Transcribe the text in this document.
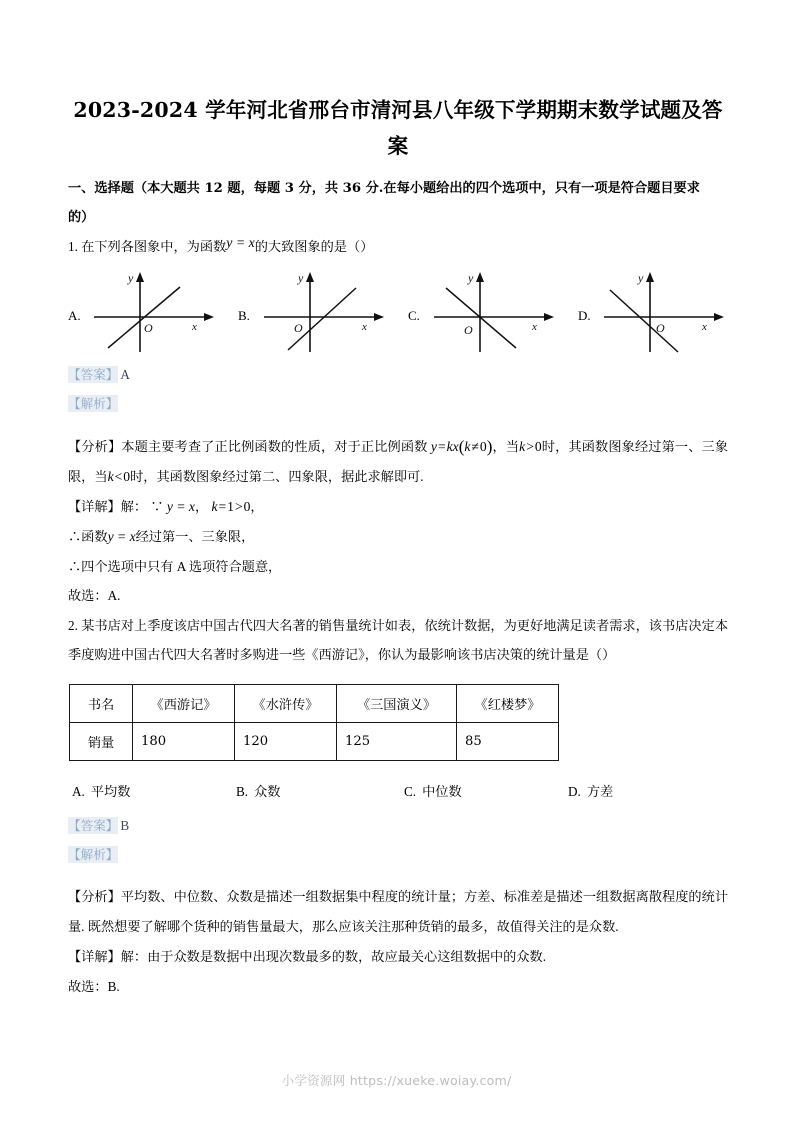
2023-2024 学年河北省邢台市清河县八年级下学期期末数学试题及答
案
一、选择题（本大题共 12 题，每题 3 分，共 36 分.在每小题给出的四个选项中，只有一项是符合题目要求
的）

1. 在下列各图象中，为函数y = x的大致图象的是（）

A.
y
x
O
B.
y
x
O
C.
y
x
O
D.
y
x
O

【答案】 A

【解析】

【分析】本题主要考查了正比例函数的性质，对于正比例函数 y=kx(k≠0)，当k>0时，其函数图象经过第一、三象限，当k<0时，其函数图象经过第二、四象限，据此求解即可.

【详解】解： ∵ y = x， k=1>0，

∴函数y = x经过第一、三象限，

∴四个选项中只有 A 选项符合题意，

故选：A.

2. 某书店对上季度该店中国古代四大名著的销售量统计如表，依统计数据，为更好地满足读者需求，该书店决定本季度购进中国古代四大名著时多购进一些《西游记》，你认为最影响该书店决策的统计量是（）

书名	《西游记》	《水浒传》	《三国演义》	《红楼梦》
销量	180	120	125	85
A. 平均数	B. 众数	C. 中位数	D. 方差

【答案】 B

【解析】

【分析】平均数、中位数、众数是描述一组数据集中程度的统计量；方差、标准差是描述一组数据离散程度的统计量. 既然想要了解哪个货种的销售量最大，那么应该关注那种货销的最多，故值得关注的是众数.

【详解】解：由于众数是数据中出现次数最多的数，故应最关心这组数据中的众数.

故选：B.

小学资源网 https://xueke.woiay.com/
